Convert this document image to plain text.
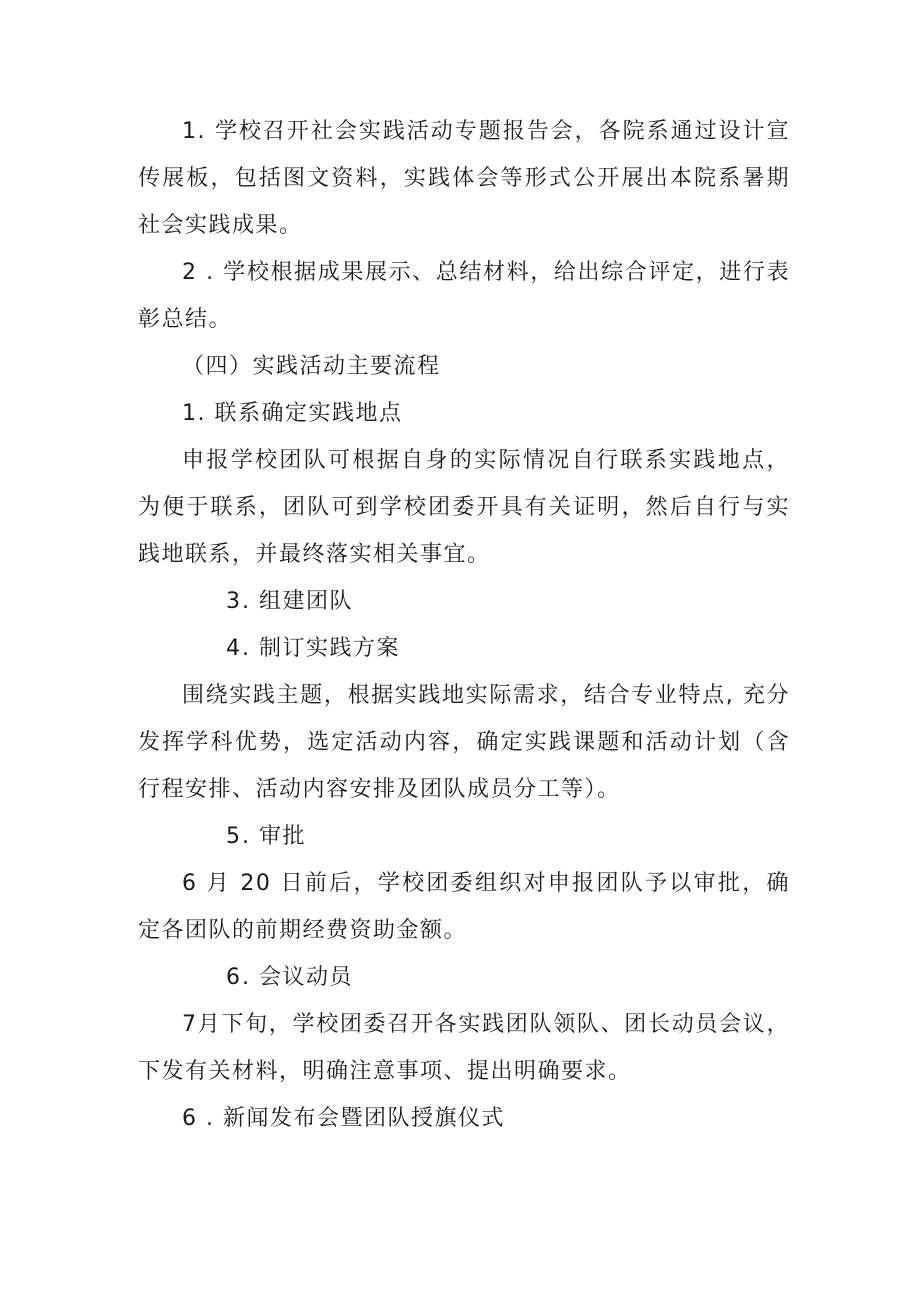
1. 学校召开社会实践活动专题报告会，各院系通过设计宣传展板，包括图文资料，实践体会等形式公开展出本院系暑期社会实践成果。

2 . 学校根据成果展示、总结材料，给出综合评定，进行表彰总结。

（四）实践活动主要流程

1. 联系确定实践地点

申报学校团队可根据自身的实际情况自行联系实践地点，为便于联系，团队可到学校团委开具有关证明，然后自行与实践地联系，并最终落实相关事宜。

3. 组建团队

4. 制订实践方案

围绕实践主题，根据实践地实际需求，结合专业特点, 充分发挥学科优势，选定活动内容，确定实践课题和活动计划（含行程安排、活动内容安排及团队成员分工等）。

5. 审批

6 月 20 日前后，学校团委组织对申报团队予以审批，确定各团队的前期经费资助金额。

6. 会议动员

7月下旬，学校团委召开各实践团队领队、团长动员会议，下发有关材料，明确注意事项、提出明确要求。

6 . 新闻发布会暨团队授旗仪式
